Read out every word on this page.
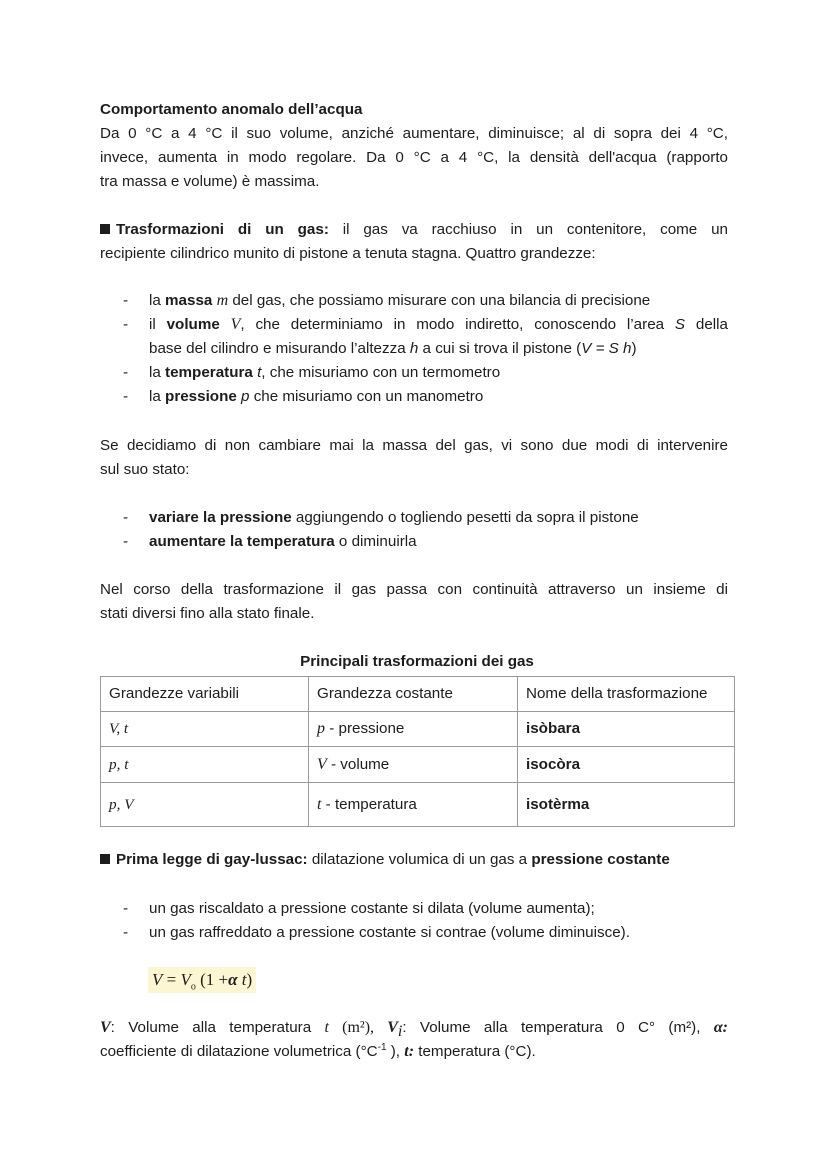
Comportamento anomalo dell’acqua
Da 0 °C a 4 °C il suo volume, anziché aumentare, diminuisce; al di sopra dei 4 °C,
invece, aumenta in modo regolare. Da 0 °C a 4 °C, la densità dell'acqua (rapporto
tra massa e volume) è massima.
Trasformazioni di un gas: il gas va racchiuso in un contenitore, come un
recipiente cilindrico munito di pistone a tenuta stagna. Quattro grandezze:
- la massa m del gas, che possiamo misurare con una bilancia di precisione
- il volume V, che determiniamo in modo indiretto, conoscendo l’area S della
base del cilindro e misurando l’altezza h a cui si trova il pistone (V = S h)
- la temperatura t, che misuriamo con un termometro
- la pressione p che misuriamo con un manometro
Se decidiamo di non cambiare mai la massa del gas, vi sono due modi di intervenire
sul suo stato:
- variare la pressione aggiungendo o togliendo pesetti da sopra il pistone
- aumentare la temperatura o diminuirla
Nel corso della trasformazione il gas passa con continuità attraverso un insieme di
stati diversi fino alla stato finale.
Principali trasformazioni dei gas
Grandezze variabili	Grandezza costante	Nome della trasformazione
V, t	p - pressione	isòbara
p, t	V - volume	isocòra
p, V	t - temperatura	isotèrma
Prima legge di gay-lussac: dilatazione volumica di un gas a pressione costante
- un gas riscaldato a pressione costante si dilata (volume aumenta);
- un gas raffreddato a pressione costante si contrae (volume diminuisce).
$V = V_o$ (1 +α t)
V: Volume alla temperatura t (m²), $V_i$: Volume alla temperatura 0 C° (m²), α:
coefficiente di dilatazione volumetrica ($^\circ C^{-1}$ ), t: temperatura (°C).
